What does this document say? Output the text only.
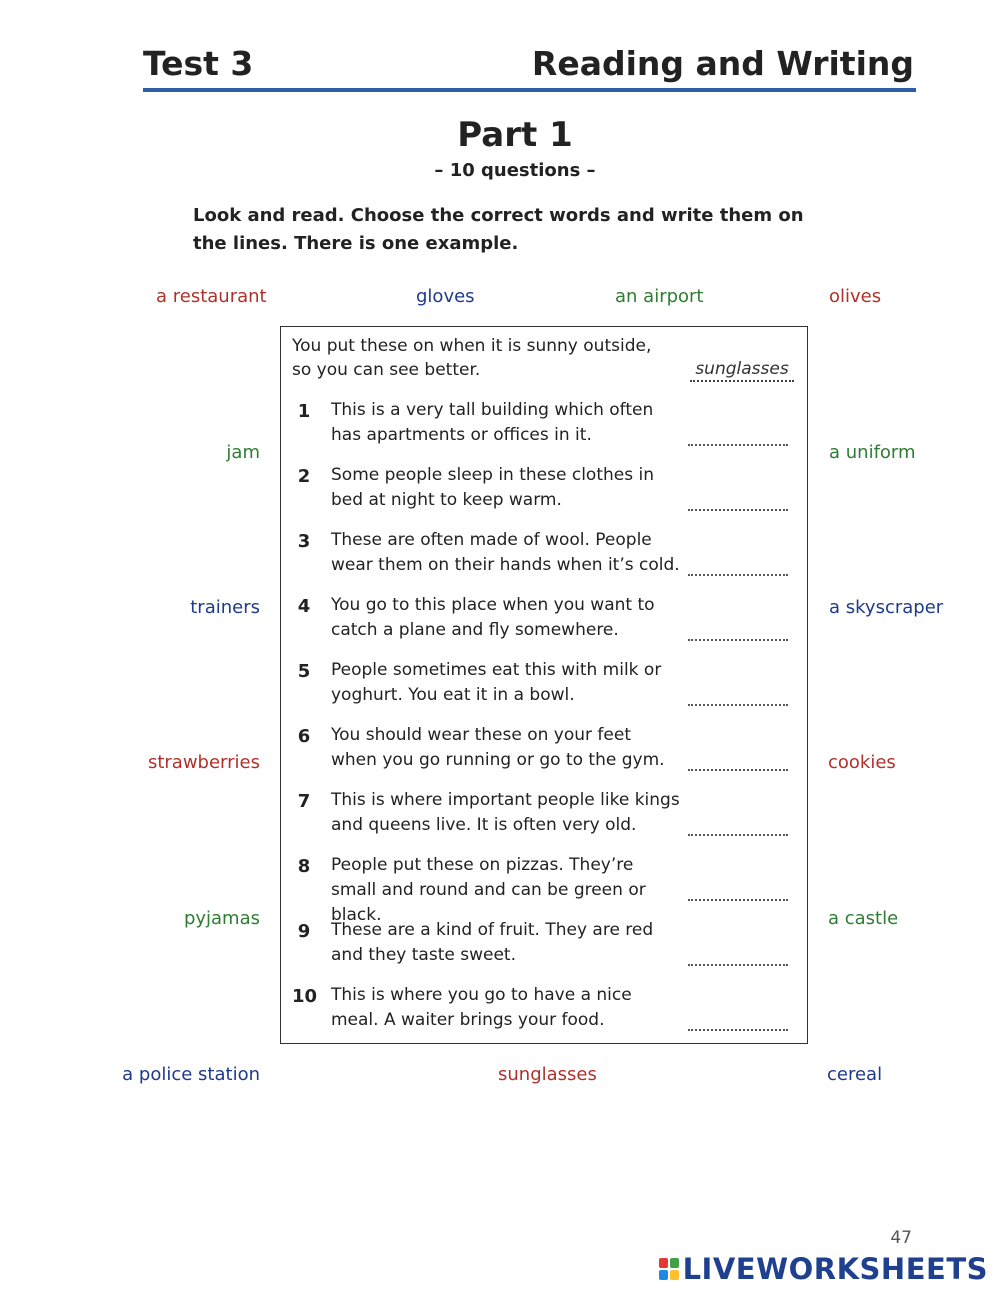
Test 3	Reading and Writing
Part 1
– 10 questions –
Look and read. Choose the correct words and write them on the lines. There is one example.
a restaurant	gloves	an airport	olives
jam	a uniform
trainers	a skyscraper
strawberries	cookies
pyjamas	a castle
a police station	sunglasses	cereal
You put these on when it is sunny outside, so you can see better.	sunglasses
1	This is a very tall building which often has apartments or offices in it.
2	Some people sleep in these clothes in bed at night to keep warm.
3	These are often made of wool. People wear them on their hands when it’s cold.
4	You go to this place when you want to catch a plane and fly somewhere.
5	People sometimes eat this with milk or yoghurt. You eat it in a bowl.
6	You should wear these on your feet when you go running or go to the gym.
7	This is where important people like kings and queens live. It is often very old.
8	People put these on pizzas. They’re small and round and can be green or black.
9	These are a kind of fruit. They are red and they taste sweet.
10 This is where you go to have a nice meal. A waiter brings your food.
47
LIVEWORKSHEETS
